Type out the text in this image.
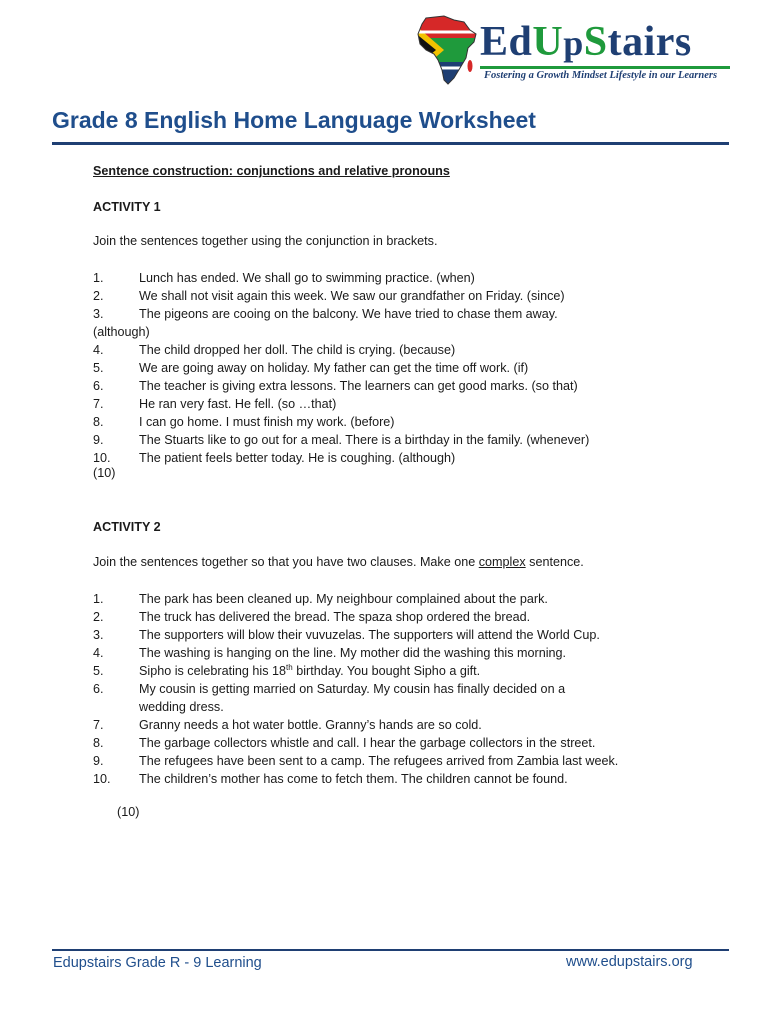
EdUpStairs
Fostering a Growth Mindset Lifestyle in our Learners
Grade 8 English Home Language Worksheet
Sentence construction: conjunctions and relative pronouns
ACTIVITY 1
Join the sentences together using the conjunction in brackets.
1.	Lunch has ended. We shall go to swimming practice. (when)
2.	We shall not visit again this week. We saw our grandfather on Friday. (since)
3.	The pigeons are cooing on the balcony. We have tried to chase them away.
(although)
4.	The child dropped her doll. The child is crying. (because)
5.	We are going away on holiday. My father can get the time off work. (if)
6.	The teacher is giving extra lessons. The learners can get good marks. (so that)
7.	He ran very fast. He fell. (so …that)
8.	I can go home. I must finish my work. (before)
9.	The Stuarts like to go out for a meal. There is a birthday in the family. (whenever)
10. The patient feels better today. He is coughing. (although)
(10)
ACTIVITY 2
Join the sentences together so that you have two clauses. Make one complex sentence.
1.	The park has been cleaned up. My neighbour complained about the park.
2.	The truck has delivered the bread. The spaza shop ordered the bread.
3.	The supporters will blow their vuvuzelas. The supporters will attend the World Cup.
4.	The washing is hanging on the line. My mother did the washing this morning.
5.	Sipho is celebrating his 18th birthday. You bought Sipho a gift.
6.	My cousin is getting married on Saturday. My cousin has finally decided on a
wedding dress.
7.	Granny needs a hot water bottle. Granny’s hands are so cold.
8.	The garbage collectors whistle and call. I hear the garbage collectors in the street.
9.	The refugees have been sent to a camp. The refugees arrived from Zambia last week.
10. The children’s mother has come to fetch them. The children cannot be found.
(10)
Edupstairs Grade R - 9 Learning	www.edupstairs.org
